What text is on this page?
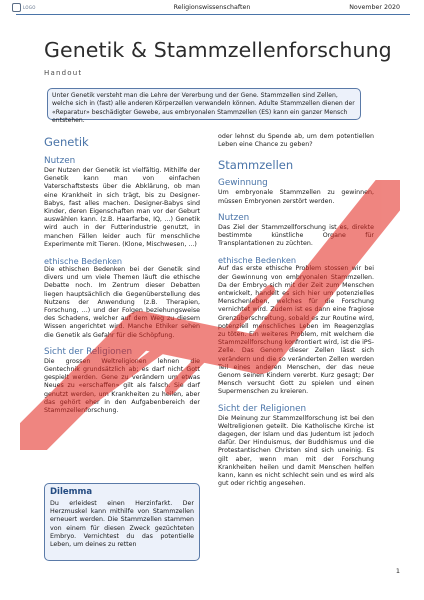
LOGO	Religionswissenschaften	November 2020
Genetik & Stammzellenforschung
Handout
Unter Genetik versteht man die Lehre der Vererbung und der Gene. Stammzellen sind Zellen, welche sich in (fast) alle anderen Körperzellen verwandeln können. Adulte Stammzellen dienen der «Reparatur» beschädigter Gewebe, aus embryonalen Stammzellen (ES) kann ein ganzer Mensch entstehen.
Genetik
Nutzen

Der Nutzen der Genetik ist vielfältig. Mithilfe der Genetik kann man von einfachen Vaterschaftstests über die Abklärung, ob man eine Krankheit in sich trägt, bis zu Designer-Babys, fast alles machen. Designer-Babys sind Kinder, deren Eigenschaften man vor der Geburt auswählen kann. (z.B. Haarfarbe, IQ, ...) Genetik wird auch in der Futterindustrie genutzt, in manchen Fällen leider auch für menschliche Experimente mit Tieren. (Klone, Mischwesen, ...)

ethische Bedenken

Die ethischen Bedenken bei der Genetik sind divers und um viele Themen läuft die ethische Debatte noch. Im Zentrum dieser Debatten liegen hauptsächlich die Gegenüberstellung des Nutzens der Anwendung (z.B. Therapien, Forschung, ...) und der Folgen beziehungsweise des Schadens, welcher auf dem Weg zu diesem Wissen angerichtet wird. Manche Ethiker sehen die Genetik als Gefahr für die Schöpfung.

Sicht der Religionen

Die grossen Weltreligionen lehnen die Gentechnik grundsätzlich ab; es darf nicht Gott gespielt werden. Gene zu verändern um etwas Neues zu «erschaffen» gilt als falsch. Sie darf genutzt werden, um Krankheiten zu heilen, aber das gehört eher in den Aufgabenbereich der Stammzellenforschung.

Dilemma
Du erleidest einen Herzinfarkt. Der Herzmuskel kann mithilfe von Stammzellen erneuert werden. Die Stammzellen stammen von einem für diesen Zweck gezüchteten Embryo. Vernichtest du das potentielle Leben, um deines zu retten

oder lehnst du Spende ab, um dem potentiellen Leben eine Chance zu geben?

Stammzellen
Gewinnung

Um embryonale Stammzellen zu gewinnen, müssen Embryonen zerstört werden.

Nutzen

Das Ziel der Stammzellforschung ist es, direkte bestimmte künstliche Organe für Transplantationen zu züchten.

ethische Bedenken

Auf das erste ethische Problem stossen wir bei der Gewinnung von embryonalen Stammzellen. Da der Embryo sich mit der Zeit zum Menschen entwickelt, handelt es sich hier um potenzielles Menschenleben, welches für die Forschung vernichtet wird. Zudem ist es dann eine fragiose Grenzüberschreitung, sobald es zur Routine wird, potenziell menschliches Leben im Reagenzglas zu töten. Ein weiteres Problem, mit welchem die Stammzellforschung konfrontiert wird, ist die iPS-Zelle. Das Genom dieser Zellen lässt sich verändern und die so veränderten Zellen werden Teil eines anderen Menschen, der das neue Genom seinen Kindern vererbt. Kurz gesagt; Der Mensch versucht Gott zu spielen und einen Supermenschen zu kreieren.

Sicht der Religionen

Die Meinung zur Stammzellforschung ist bei den Weltreligionen geteilt. Die Katholische Kirche ist dagegen, der Islam und das Judentum ist jedoch dafür. Der Hinduismus, der Buddhismus und die Protestantischen Christen sind sich uneinig. Es gilt aber, wenn man mit der Forschung Krankheiten heilen und damit Menschen helfen kann, kann es nicht schlecht sein und es wird als gut oder richtig angesehen.

1
